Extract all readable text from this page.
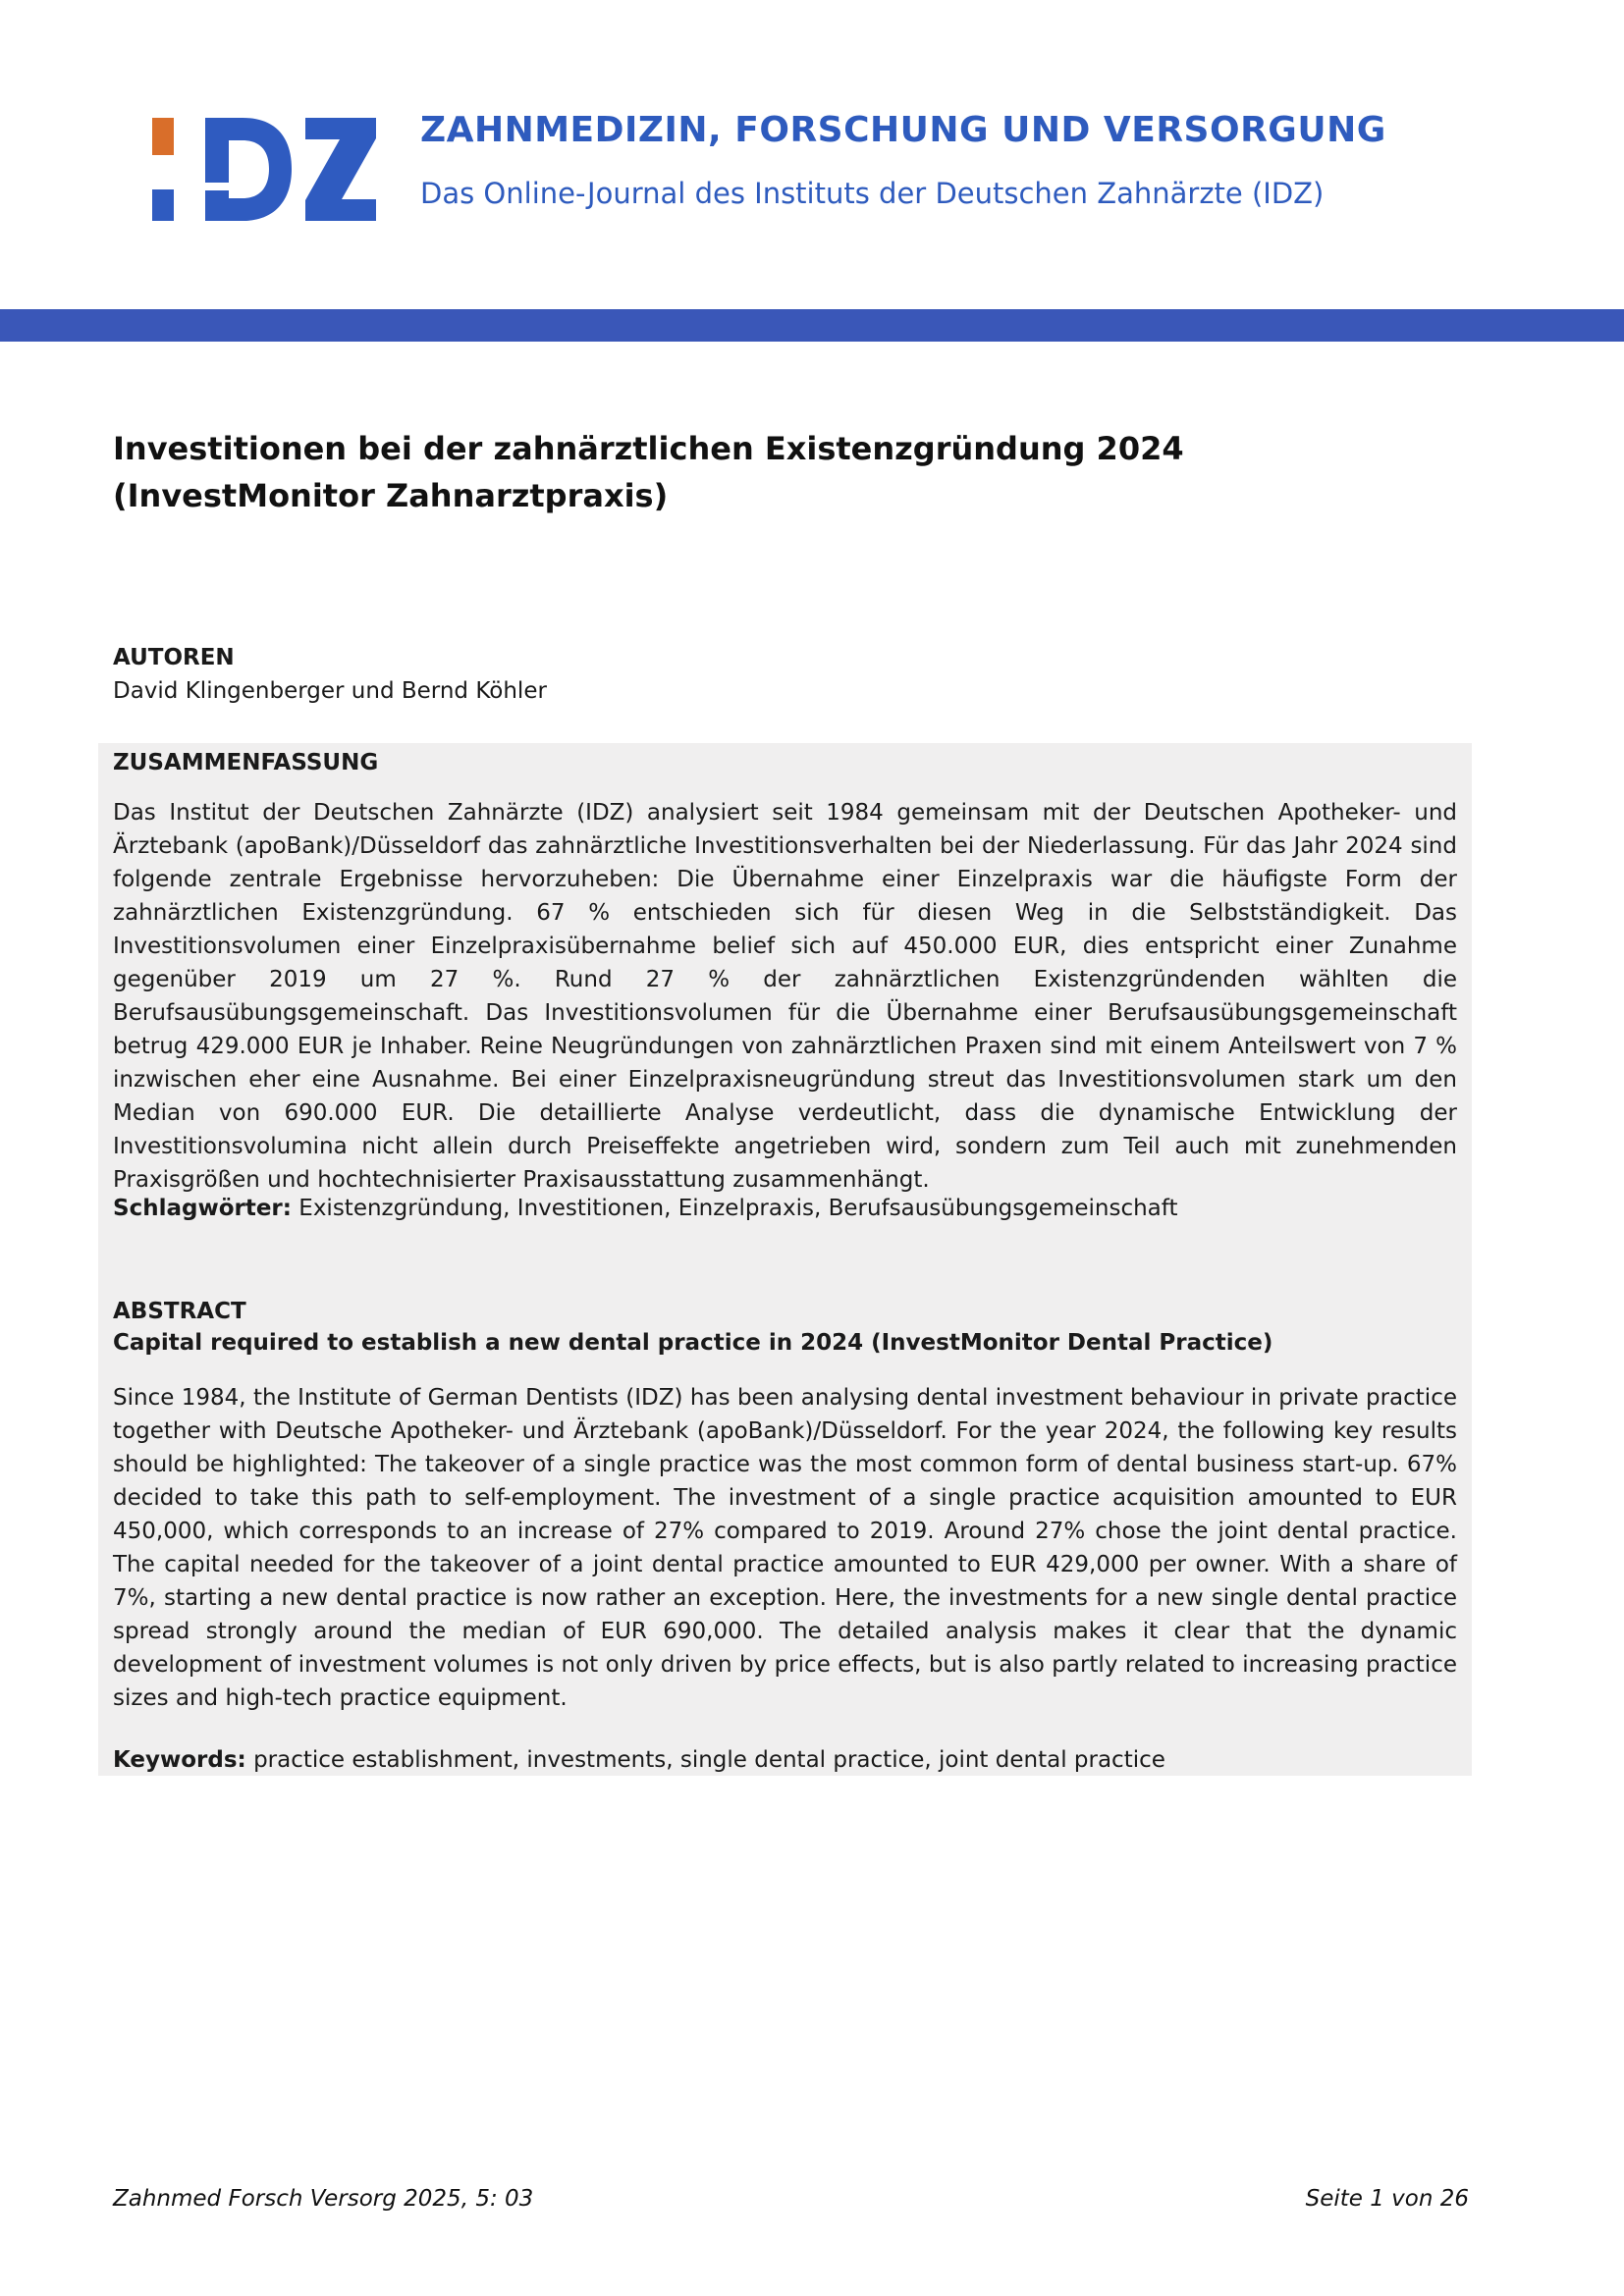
ZAHNMEDIZIN, FORSCHUNG UND VERSORGUNG
Das Online-Journal des Instituts der Deutschen Zahnärzte (IDZ)
Investitionen bei der zahnärztlichen Existenzgründung 2024
(InvestMonitor Zahnarztpraxis)
AUTOREN
David Klingenberger und Bernd Köhler
ZUSAMMENFASSUNG
Das Institut der Deutschen Zahnärzte (IDZ) analysiert seit 1984 gemeinsam mit der Deutschen Apotheker- und Ärztebank (apoBank)/Düsseldorf das zahnärztliche Investitionsverhalten bei der Niederlassung. Für das Jahr 2024 sind folgende zentrale Ergebnisse hervorzuheben: Die Übernahme einer Einzelpraxis war die häufigste Form der zahnärztlichen Existenzgründung. 67 % entschieden sich für diesen Weg in die Selbstständigkeit. Das Investitionsvolumen einer Einzelpraxisübernahme belief sich auf 450.000 EUR, dies entspricht einer Zunahme gegenüber 2019 um 27 %. Rund 27 % der zahnärztlichen Existenzgründenden wählten die Berufsausübungsgemeinschaft. Das Investitionsvolumen für die Übernahme einer Berufsausübungsgemeinschaft betrug 429.000 EUR je Inhaber. Reine Neugründungen von zahnärztlichen Praxen sind mit einem Anteilswert von 7 % inzwischen eher eine Ausnahme. Bei einer Einzelpraxisneugründung streut das Investitionsvolumen stark um den Median von 690.000 EUR. Die detaillierte Analyse verdeutlicht, dass die dynamische Entwicklung der Investitionsvolumina nicht allein durch Preiseffekte angetrieben wird, sondern zum Teil auch mit zunehmenden Praxisgrößen und hochtechnisierter Praxisausstattung zusammenhängt.
Schlagwörter: Existenzgründung, Investitionen, Einzelpraxis, Berufsausübungsgemeinschaft
ABSTRACT
Capital required to establish a new dental practice in 2024 (InvestMonitor Dental Practice)
Since 1984, the Institute of German Dentists (IDZ) has been analysing dental investment behaviour in private practice together with Deutsche Apotheker- und Ärztebank (apoBank)/Düsseldorf. For the year 2024, the following key results should be highlighted: The takeover of a single practice was the most common form of dental business start-up. 67% decided to take this path to self-employment. The investment of a single practice acquisition amounted to EUR 450,000, which corresponds to an increase of 27% compared to 2019. Around 27% chose the joint dental practice. The capital needed for the takeover of a joint dental practice amounted to EUR 429,000 per owner. With a share of 7%, starting a new dental practice is now rather an exception. Here, the investments for a new single dental practice spread strongly around the median of EUR 690,000. The detailed analysis makes it clear that the dynamic development of investment volumes is not only driven by price effects, but is also partly related to increasing practice sizes and high-tech practice equipment.
Keywords: practice establishment, investments, single dental practice, joint dental practice
Zahnmed Forsch Versorg 2025, 5: 03	Seite 1 von 26
